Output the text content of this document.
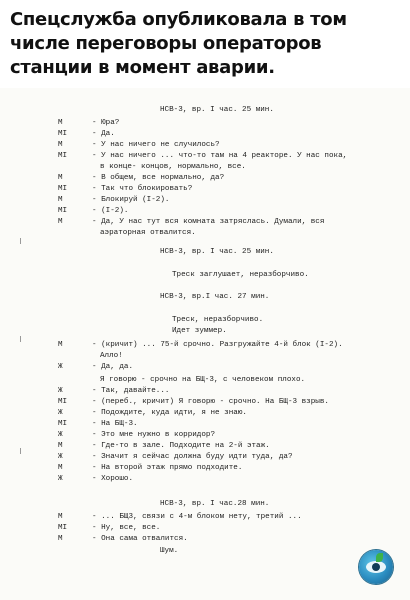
Спецслужба опубликовала в том числе переговоры операторов станции в момент аварии.
НСВ-3, вр. I час. 25 мин.
М	- Юра?
МI	- Да.
М	- У нас ничего не случилось?
МI	- У нас ничего ... что-то там на 4 реакторе. У нас пока,
в конце- концов, нормально, все.
М	- В общем, все нормально, да?
МI	- Так что блокировать?
М	- Блокируй (I-2).
МI	- (I-2).
М	- Да, У нас тут вся комната затряслась. Думали, вся
аэраторная отвалится.
НСВ-3, вр. I час. 25 мин.
Треск заглушает, неразборчиво.
НСВ-3, вр.I час. 27 мин.
Треск, неразборчиво.
Идет зуммер.
М	- (кричит) ... 75-й срочно. Разгружайте 4-й блок (I-2).
Алло!
Ж	- Да, да.
Я говорю - срочно на БЩ-3, с человеком плохо.
Ж	- Так, давайте...
МI	- (переб., кричит) Я говорю - срочно. На БЩ-3 взрыв.
Ж	- Подождите, куда идти, я не знаю.
МI	- На БЩ-3.
Ж	- Это мне нужно в корридор?
М	- Где-то в зале. Подходите на 2-й этаж.
Ж	- Значит я сейчас должна буду идти туда, да?
М	- На второй этаж прямо подходите.
Ж	- Хорошо.
НСВ-3, вр. I час.28 мин.
М	- ... БЩ3, связи с 4-м блоком нету, третий ...
МI	- Ну, все, все.
М	- Она сама отвалится.
Шум.
